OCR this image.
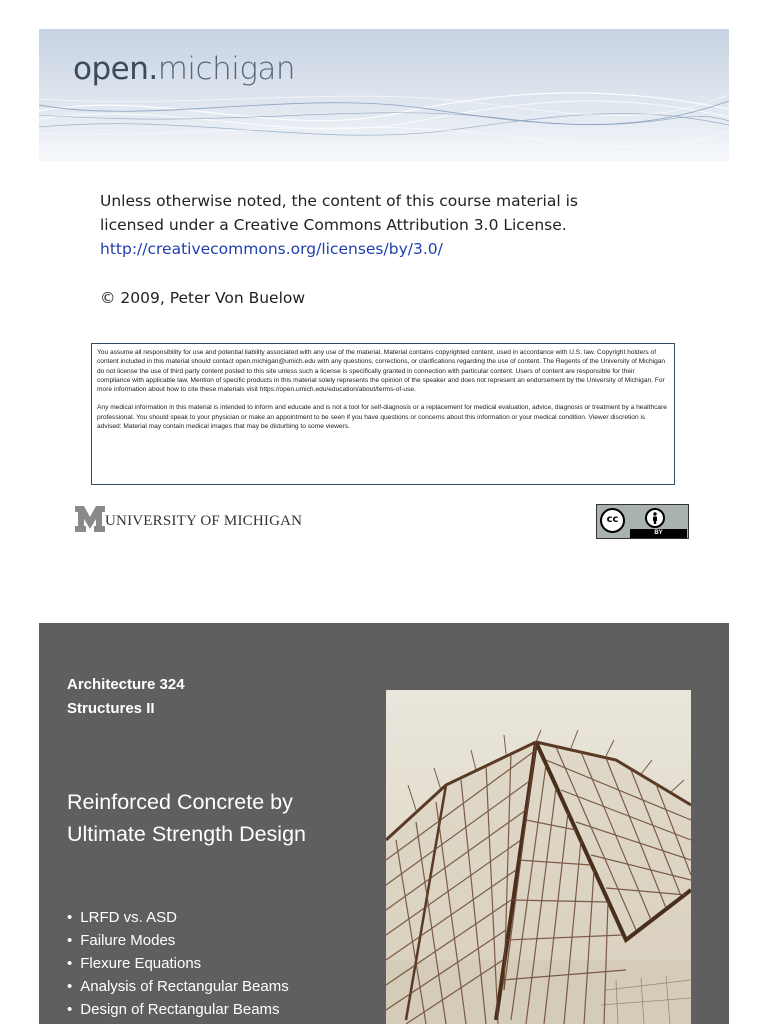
open.michigan
Unless otherwise noted, the content of this course material is
licensed under a Creative Commons Attribution 3.0 License.
http://creativecommons.org/licenses/by/3.0/
© 2009, Peter Von Buelow

You assume all responsibility for use and potential liability associated with any use of the material. Material contains copyrighted content, used in accordance with U.S. law. Copyright holders of content included in this material should contact open.michigan@umich.edu with any questions, corrections, or clarifications regarding the use of content. The Regents of the University of Michigan do not license the use of third party content posted to this site unless such a license is specifically granted in connection with particular content. Users of content are responsible for their compliance with applicable law. Mention of specific products in this material solely represents the opinion of the speaker and does not represent an endorsement by the University of Michigan. For more information about how to cite these materials visit https://open.umich.edu/education/about/terms-of-use.

Any medical information in this material is intended to inform and educate and is not a tool for self-diagnosis or a replacement for medical evaluation, advice, diagnosis or treatment by a healthcare professional. You should speak to your physician or make an appointment to be seen if you have questions or concerns about this information or your medical condition. Viewer discretion is advised: Material may contain medical images that may be disturbing to some viewers.

UNIVERSITY OF MICHIGAN	cc
BY
Architecture 324
Structures II
Reinforced Concrete by
Ultimate Strength Design
• LRFD vs. ASD
• Failure Modes
• Flexure Equations
• Analysis of Rectangular Beams
• Design of Rectangular Beams
